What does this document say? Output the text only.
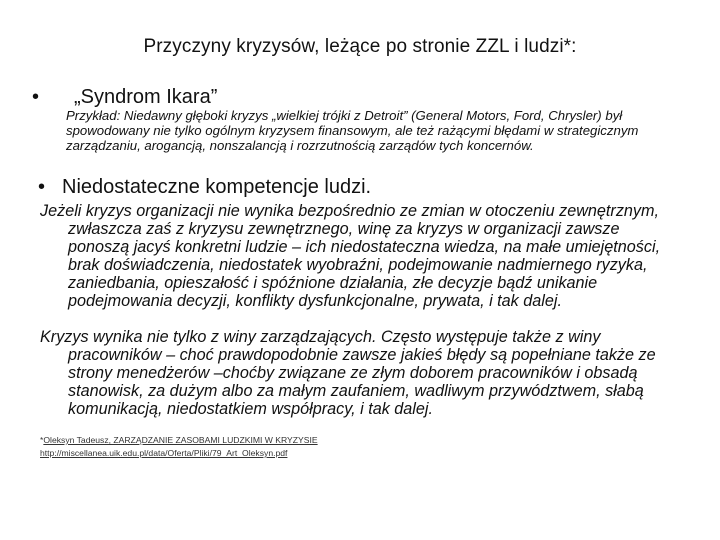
Przyczyny kryzysów, leżące po stronie ZZL i ludzi*:
• „Syndrom Ikara”
Przykład: Niedawny głęboki kryzys „wielkiej trójki z Detroit” (General Motors, Ford, Chrysler) był spowodowany nie tylko ogólnym kryzysem finansowym, ale też rażącymi błędami w strategicznym zarządzaniu, arogancją, nonszalancją i rozrzutnością zarządów tych koncernów.
• Niedostateczne kompetencje ludzi.
Jeżeli kryzys organizacji nie wynika bezpośrednio ze zmian w otoczeniu zewnętrznym, zwłaszcza zaś z kryzysu zewnętrznego, winę za kryzys w organizacji zawsze ponoszą jacyś konkretni ludzie – ich niedostateczna wiedza, na małe umiejętności, brak doświadczenia, niedostatek wyobraźni, podejmowanie nadmiernego ryzyka, zaniedbania, opieszałość i spóźnione działania, złe decyzje bądź unikanie podejmowania decyzji, konflikty dysfunkcjonalne, prywata, i tak dalej.
Kryzys wynika nie tylko z winy zarządzających. Często występuje także z winy pracowników – choć prawdopodobnie zawsze jakieś błędy są popełniane także ze strony menedżerów –choćby związane ze złym doborem pracowników i obsadą stanowisk, za dużym albo za małym zaufaniem, wadliwym przywództwem, słabą komunikacją, niedostatkiem współpracy, i tak dalej.
*Oleksyn Tadeusz, ZARZĄDZANIE ZASOBAMI LUDZKIMI W KRYZYSIE
http://miscellanea.uik.edu.pl/data/Oferta/Pliki/79_Art_Oleksyn.pdf
